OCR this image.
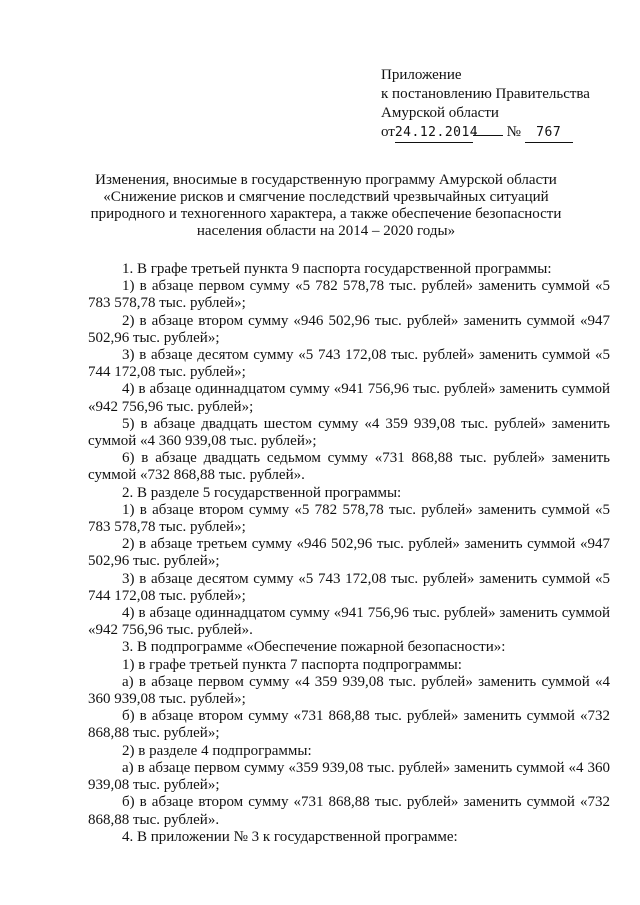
Приложение
к постановлению Правительства
Амурской области
от24.12.2014 № 767
Изменения, вносимые в государственную программу Амурской области
«Снижение рисков и смягчение последствий чрезвычайных ситуаций
природного и техногенного характера, а также обеспечение безопасности
населения области на 2014 – 2020 годы»

1. В графе третьей пункта 9 паспорта государственной программы:

1) в абзаце первом сумму «5 782 578,78 тыс. рублей» заменить суммой «5 783 578,78 тыс. рублей»;

2) в абзаце втором сумму «946 502,96 тыс. рублей» заменить суммой «947 502,96 тыс. рублей»;

3) в абзаце десятом сумму «5 743 172,08 тыс. рублей» заменить суммой «5 744 172,08 тыс. рублей»;

4) в абзаце одиннадцатом сумму «941 756,96 тыс. рублей» заменить суммой «942 756,96 тыс. рублей»;

5) в абзаце двадцать шестом сумму «4 359 939,08 тыс. рублей» заменить суммой «4 360 939,08 тыс. рублей»;

6) в абзаце двадцать седьмом сумму «731 868,88 тыс. рублей» заменить суммой «732 868,88 тыс. рублей».

2. В разделе 5 государственной программы:

1) в абзаце втором сумму «5 782 578,78 тыс. рублей» заменить суммой «5 783 578,78 тыс. рублей»;

2) в абзаце третьем сумму «946 502,96 тыс. рублей» заменить суммой «947 502,96 тыс. рублей»;

3) в абзаце десятом сумму «5 743 172,08 тыс. рублей» заменить суммой «5 744 172,08 тыс. рублей»;

4) в абзаце одиннадцатом сумму «941 756,96 тыс. рублей» заменить суммой «942 756,96 тыс. рублей».

3. В подпрограмме «Обеспечение пожарной безопасности»:

1) в графе третьей пункта 7 паспорта подпрограммы:

а) в абзаце первом сумму «4 359 939,08 тыс. рублей» заменить суммой «4 360 939,08 тыс. рублей»;

б) в абзаце втором сумму «731 868,88 тыс. рублей» заменить суммой «732 868,88 тыс. рублей»;

2) в разделе 4 подпрограммы:

а) в абзаце первом сумму «359 939,08 тыс. рублей» заменить суммой «4 360 939,08 тыс. рублей»;

б) в абзаце втором сумму «731 868,88 тыс. рублей» заменить суммой «732 868,88 тыс. рублей».

4. В приложении № 3 к государственной программе:
